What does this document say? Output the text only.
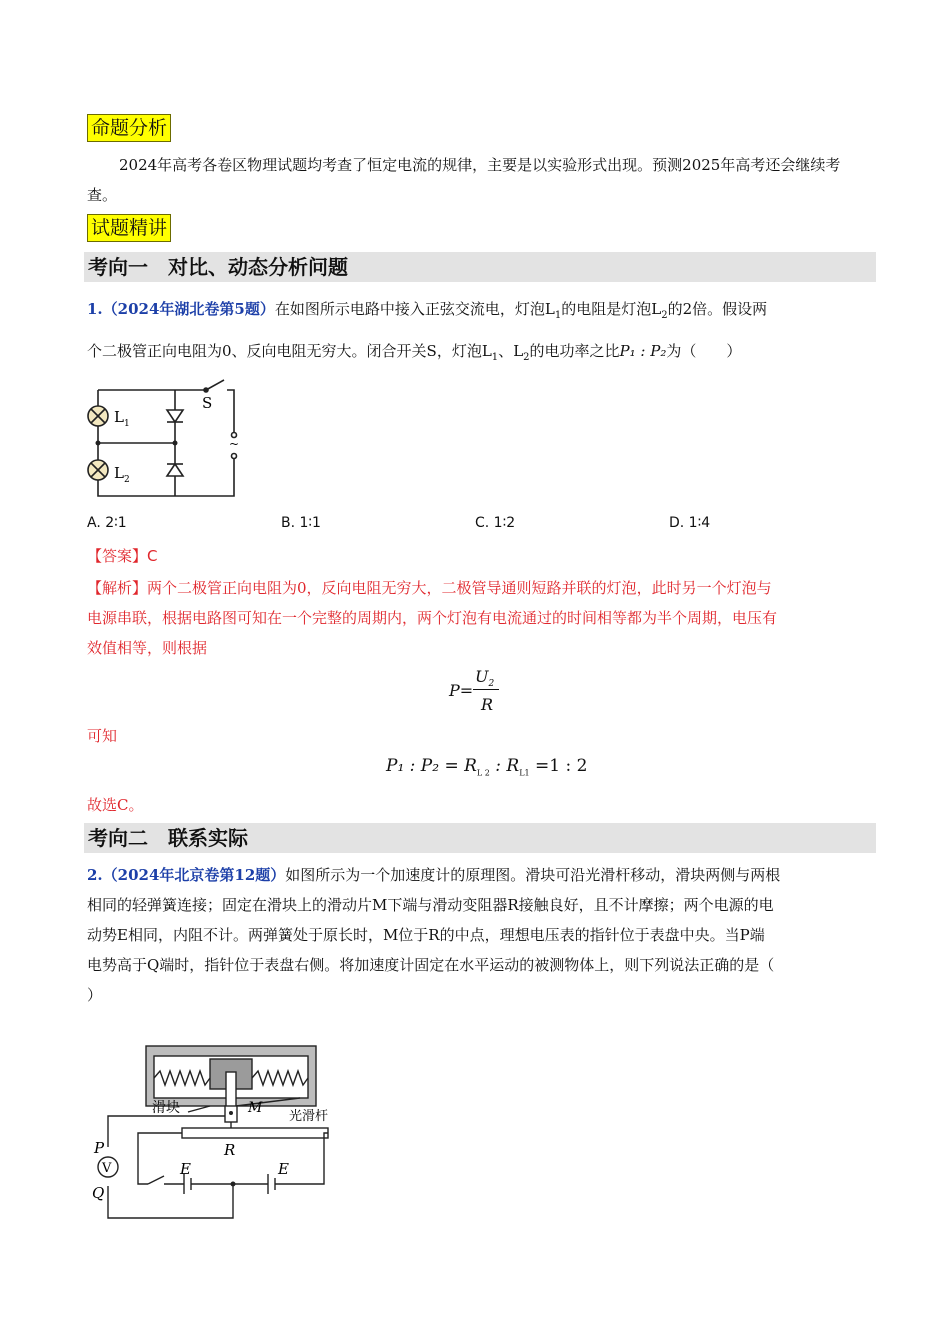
命题分析
2024年高考各卷区物理试题均考查了恒定电流的规律，主要是以实验形式出现。预测2025年高考还会继续考查。
试题精讲
考向一　对比、动态分析问题
1.（2024年湖北卷第5题）在如图所示电路中接入正弦交流电，灯泡$L_1$的电阻是灯泡$L_2$的2倍。假设两
个二极管正向电阻为0、反向电阻无穷大。闭合开关S，灯泡$L_1$、$L_2$的电功率之比P₁ : P₂为（　　）
$L_1$
$L_2$
S
~
A. 2∶1	B. 1∶1	C. 1∶2	D. 1∶4
【答案】C
【解析】两个二极管正向电阻为0，反向电阻无穷大，二极管导通则短路并联的灯泡，此时另一个灯泡与
电源串联，根据电路图可知在一个完整的周期内，两个灯泡有电流通过的时间相等都为半个周期，电压有
效值相等，则根据
P=
$U_2$
R
可知
P₁ : $P_2 = R_{L 2}$ : $R_{L1} =1$ : 2
故选C。
考向二　联系实际
2.（2024年北京卷第12题）如图所示为一个加速度计的原理图。滑块可沿光滑杆移动，滑块两侧与两根
相同的轻弹簧连接；固定在滑块上的滑动片M下端与滑动变阻器R接触良好，且不计摩擦；两个电源的电
动势E相同，内阻不计。两弹簧处于原长时，M位于R的中点，理想电压表的指针位于表盘中央。当P端
电势高于Q端时，指针位于表盘右侧。将加速度计固定在水平运动的被测物体上，则下列说法正确的是（
）
滑块	M
光滑杆
R
P
V
Q
E	E
